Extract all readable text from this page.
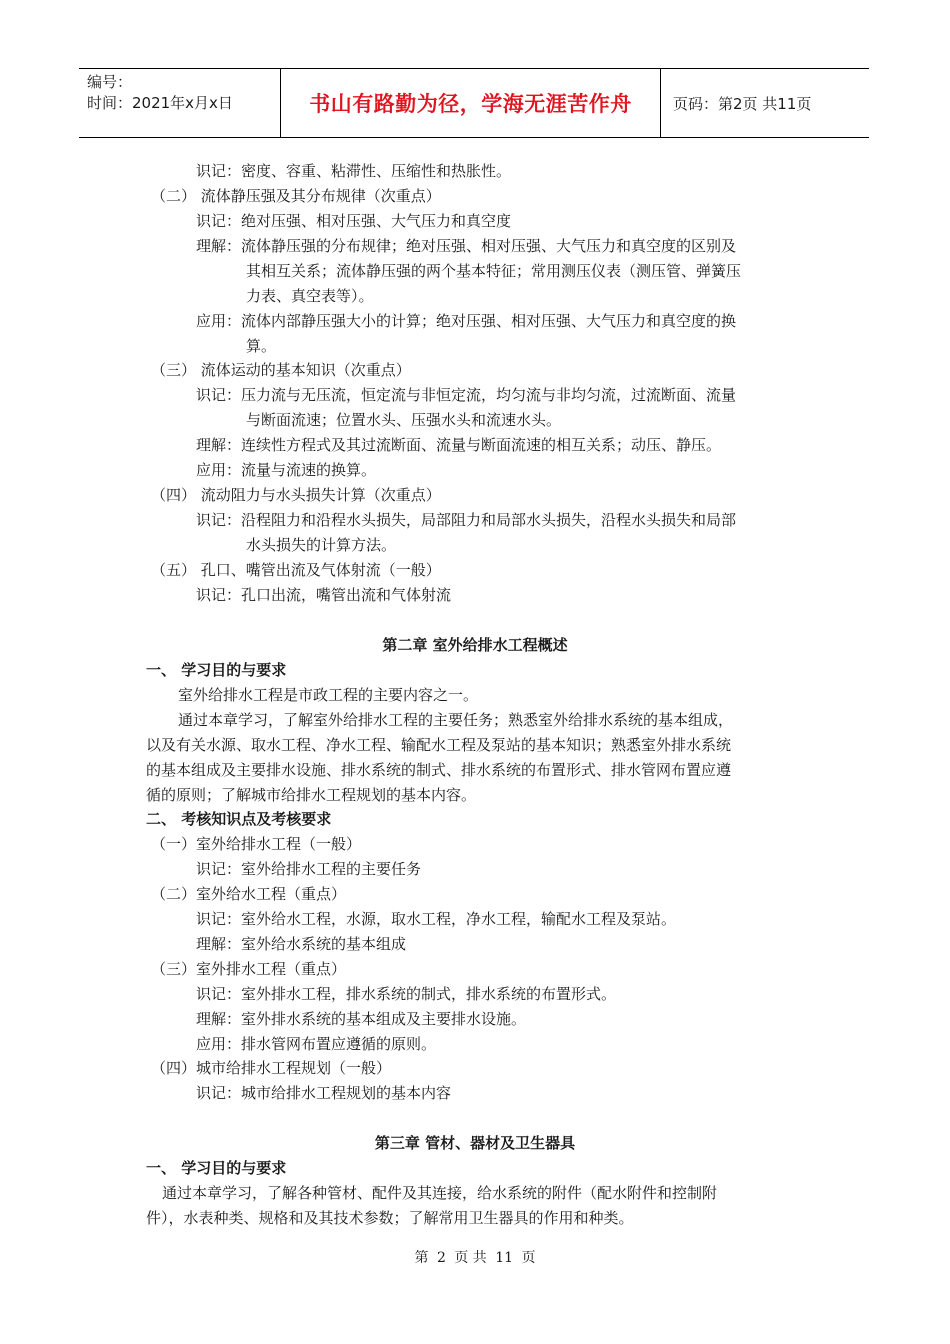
编号：
时间：2021年x月x日	书山有路勤为径，学海无涯苦作舟	页码：第2页 共11页
识记：密度、容重、粘滞性、压缩性和热胀性。
（二） 流体静压强及其分布规律（次重点）
识记：绝对压强、相对压强、大气压力和真空度
理解：流体静压强的分布规律；绝对压强、相对压强、大气压力和真空度的区别及
其相互关系；流体静压强的两个基本特征；常用测压仪表（测压管、弹簧压
力表、真空表等）。
应用：流体内部静压强大小的计算；绝对压强、相对压强、大气压力和真空度的换
算。
（三） 流体运动的基本知识（次重点）
识记：压力流与无压流，恒定流与非恒定流，均匀流与非均匀流，过流断面、流量
与断面流速；位置水头、压强水头和流速水头。
理解：连续性方程式及其过流断面、流量与断面流速的相互关系；动压、静压。
应用：流量与流速的换算。
（四） 流动阻力与水头损失计算（次重点）
识记：沿程阻力和沿程水头损失，局部阻力和局部水头损失，沿程水头损失和局部
水头损失的计算方法。
（五） 孔口、嘴管出流及气体射流（一般）
识记：孔口出流，嘴管出流和气体射流
第二章 室外给排水工程概述
一、 学习目的与要求
室外给排水工程是市政工程的主要内容之一。
通过本章学习，了解室外给排水工程的主要任务；熟悉室外给排水系统的基本组成，
以及有关水源、取水工程、净水工程、输配水工程及泵站的基本知识；熟悉室外排水系统
的基本组成及主要排水设施、排水系统的制式、排水系统的布置形式、排水管网布置应遵
循的原则；了解城市给排水工程规划的基本内容。
二、 考核知识点及考核要求
（一）室外给排水工程（一般）
识记：室外给排水工程的主要任务
（二）室外给水工程（重点）
识记：室外给水工程，水源，取水工程，净水工程，输配水工程及泵站。
理解：室外给水系统的基本组成
（三）室外排水工程（重点）
识记：室外排水工程，排水系统的制式，排水系统的布置形式。
理解：室外排水系统的基本组成及主要排水设施。
应用：排水管网布置应遵循的原则。
（四）城市给排水工程规划（一般）
识记：城市给排水工程规划的基本内容
第三章 管材、器材及卫生器具
一、 学习目的与要求
通过本章学习，了解各种管材、配件及其连接，给水系统的附件（配水附件和控制附
件），水表种类、规格和及其技术参数；了解常用卫生器具的作用和种类。
第 2 页 共 11 页
